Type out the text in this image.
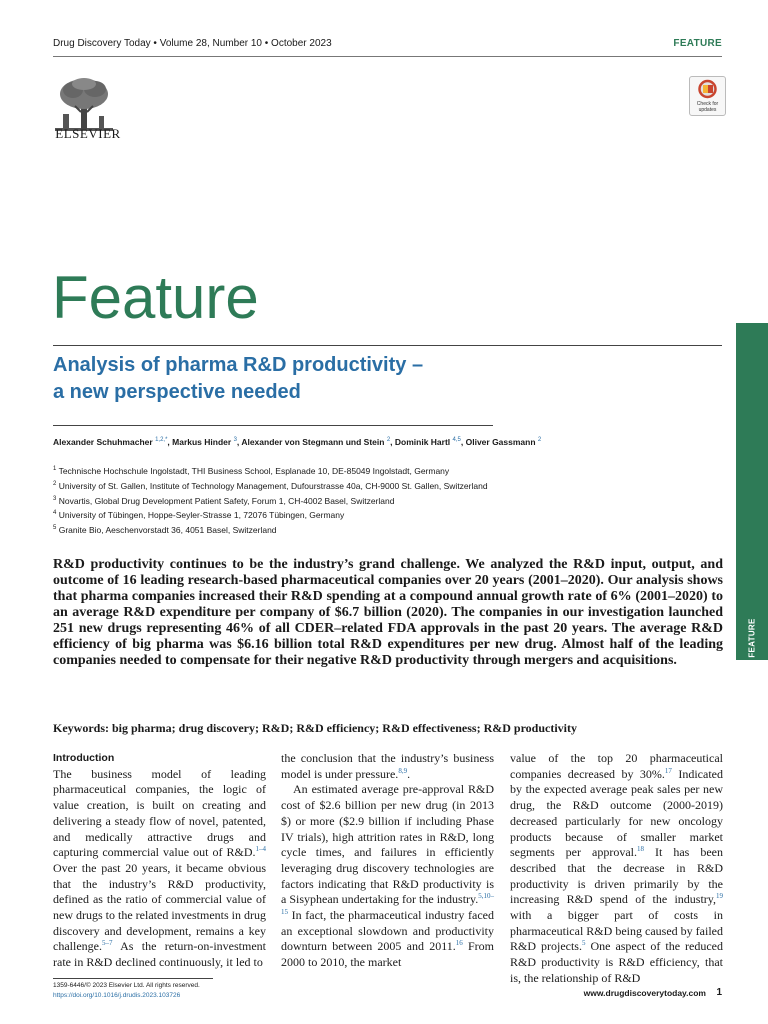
Drug Discovery Today • Volume 28, Number 10 • October 2023	FEATURE
ELSEVIER
Check for
updates
Feature
Analysis of pharma R&D productivity –
a new perspective needed
Alexander Schuhmacher $^{1,2,*}$, Markus Hinder $^3$, Alexander von Stegmann und Stein $^2$, Dominik Hartl $^{4,5}$, Oliver Gassmann $^2$
$^1$ Technische Hochschule Ingolstadt, THI Business School, Esplanade 10, DE-85049 Ingolstadt, Germany
$^2$ University of St. Gallen, Institute of Technology Management, Dufourstrasse 40a, CH-9000 St. Gallen, Switzerland
$^3$ Novartis, Global Drug Development Patient Safety, Forum 1, CH-4002 Basel, Switzerland
$^4$ University of Tübingen, Hoppe-Seyler-Strasse 1, 72076 Tübingen, Germany
$^5$ Granite Bio, Aeschenvorstadt 36, 4051 Basel, Switzerland
R&D productivity continues to be the industry’s grand challenge. We analyzed the R&D input, output, and outcome of 16 leading research-based pharmaceutical companies over 20 years (2001–2020). Our analysis shows that pharma companies increased their R&D spending at a compound annual growth rate of 6% (2001–2020) to an average R&D expenditure per company of $6.7 billion (2020). The companies in our investigation launched 251 new drugs representing 46% of all CDER–related FDA approvals in the past 20 years. The average R&D efficiency of big pharma was $6.16 billion total R&D expenditures per new drug. Almost half of the leading companies needed to compensate for their negative R&D productivity through mergers and acquisitions.
Keywords: big pharma; drug discovery; R&D; R&D efficiency; R&D effectiveness; R&D productivity
Introduction

The business model of leading pharmaceutical companies, the logic of value creation, is built on creating and delivering a steady flow of novel, patented, and medically attractive drugs and capturing commercial value out of R&D.$^{1-4}$ Over the past 20 years, it became obvious that the industry’s R&D productivity, defined as the ratio of commercial value of new drugs to the related investments in drug discovery and development, remains a key challenge.$^{5-7}$ As the return-on-investment rate in R&D declined continuously, it led to

the conclusion that the industry’s business model is under pressure.$^{8,9}$.

An estimated average pre-approval R&D cost of $2.6 billion per new drug (in 2013 $) or more ($2.9 billion if including Phase IV trials), high attrition rates in R&D, long cycle times, and failures in efficiently leveraging drug discovery technologies are factors indicating that R&D productivity is a Sisyphean undertaking for the industry.$^{5,10-15}$ In fact, the pharmaceutical industry faced an exceptional slowdown and productivity downturn between 2005 and 2011.16 From 2000 to 2010, the market

value of the top 20 pharmaceutical companies decreased by 30%.$^{17}$ Indicated by the expected average peak sales per new drug, the R&D outcome (2000-2019) decreased particularly for new oncology products because of smaller market segments per approval.$^{18}$ It has been described that the decrease in R&D productivity is driven primarily by the increasing R&D spend of the industry,$^{19}$ with a bigger part of costs in pharmaceutical R&D being caused by failed R&D projects.$^5$ One aspect of the reduced R&D productivity is R&D efficiency, that is, the relationship of R&D

1359-6446/© 2023 Elsevier Ltd. All rights reserved.
https://doi.org/10.1016/j.drudis.2023.103726	www.drugdiscoverytoday.com 1
FEATURE
